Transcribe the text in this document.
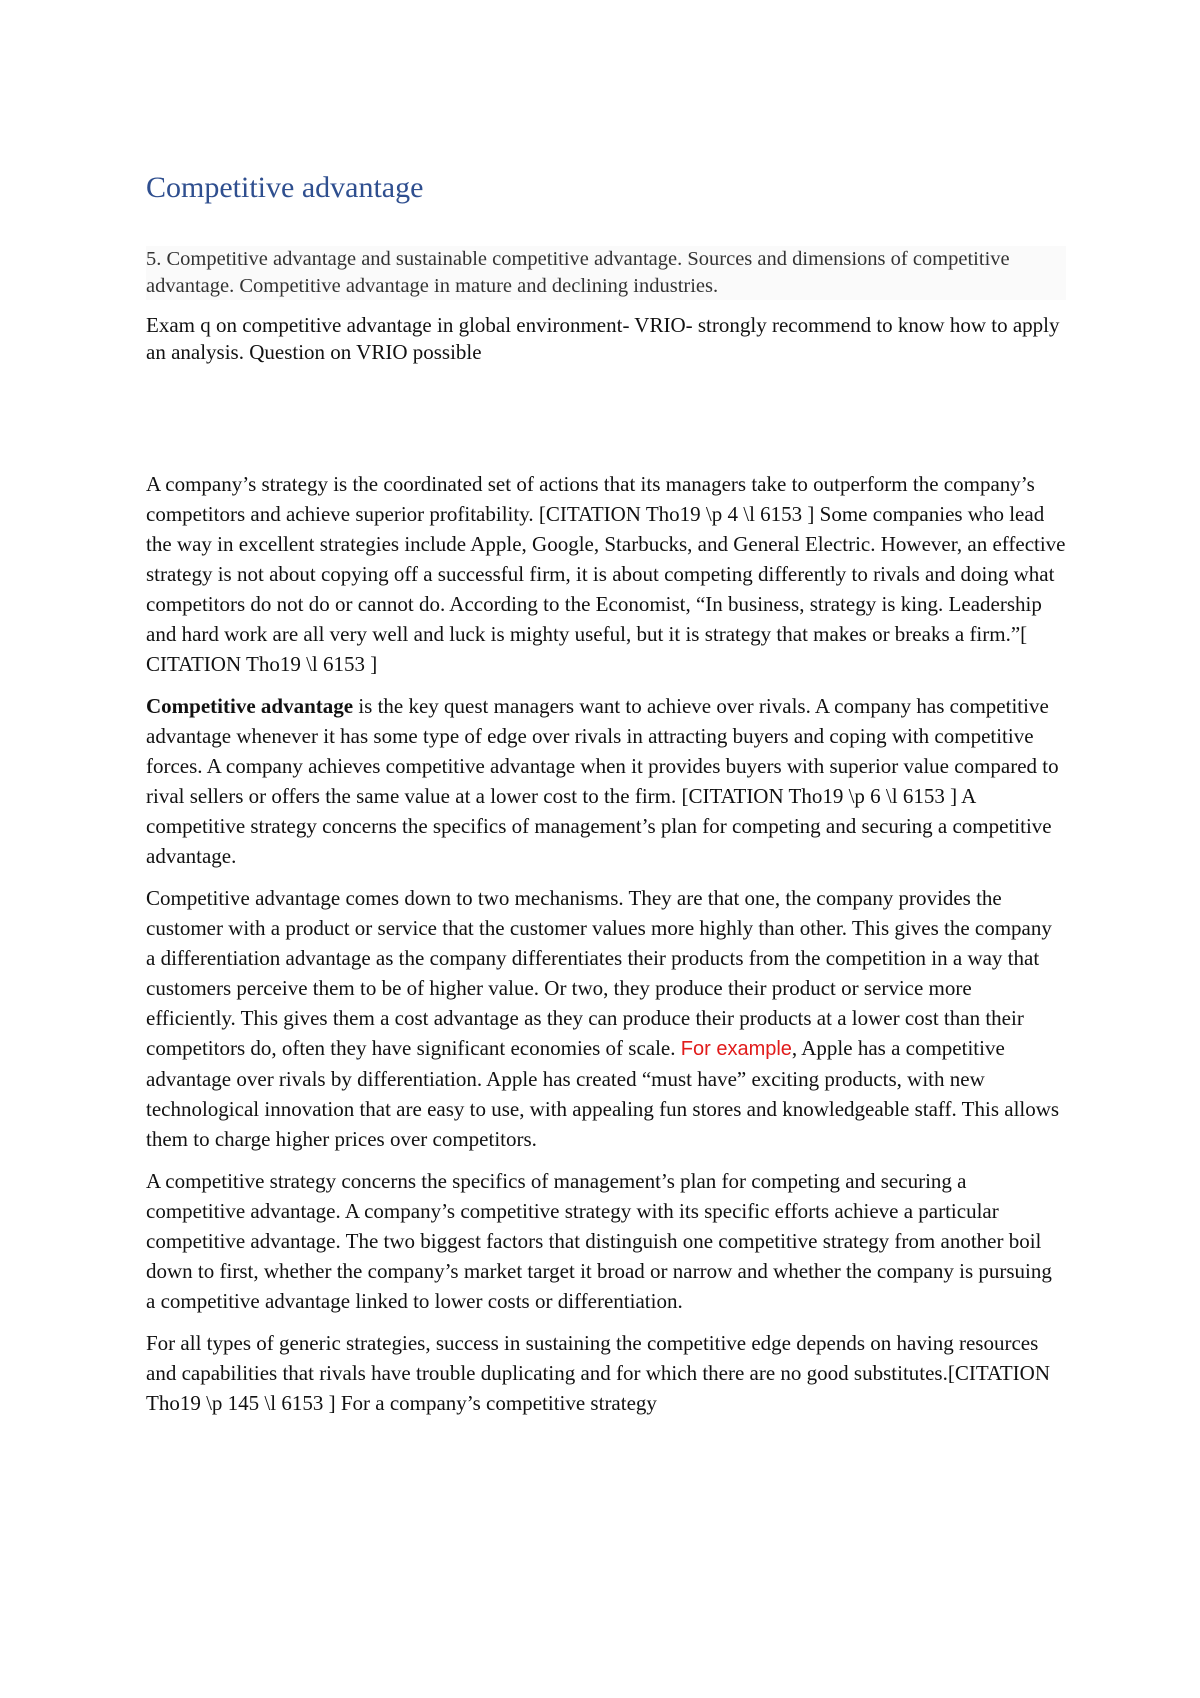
Competitive advantage

5. Competitive advantage and sustainable competitive advantage. Sources and dimensions of competitive advantage. Competitive advantage in mature and declining industries.

Exam q on competitive advantage in global environment- VRIO- strongly recommend to know how to apply an analysis. Question on VRIO possible

A company’s strategy is the coordinated set of actions that its managers take to outperform the company’s competitors and achieve superior profitability. [CITATION Tho19 \p 4 \l 6153 ] Some companies who lead the way in excellent strategies include Apple, Google, Starbucks, and General Electric. However, an effective strategy is not about copying off a successful firm, it is about competing differently to rivals and doing what competitors do not do or cannot do. According to the Economist, “In business, strategy is king. Leadership and hard work are all very well and luck is mighty useful, but it is strategy that makes or breaks a firm.”[ CITATION Tho19 \l 6153 ]

Competitive advantage is the key quest managers want to achieve over rivals. A company has competitive advantage whenever it has some type of edge over rivals in attracting buyers and coping with competitive forces. A company achieves competitive advantage when it provides buyers with superior value compared to rival sellers or offers the same value at a lower cost to the firm. [CITATION Tho19 \p 6 \l 6153 ] A competitive strategy concerns the specifics of management’s plan for competing and securing a competitive advantage.

Competitive advantage comes down to two mechanisms. They are that one, the company provides the customer with a product or service that the customer values more highly than other. This gives the company a differentiation advantage as the company differentiates their products from the competition in a way that customers perceive them to be of higher value. Or two, they produce their product or service more efficiently. This gives them a cost advantage as they can produce their products at a lower cost than their competitors do, often they have significant economies of scale. For example, Apple has a competitive advantage over rivals by differentiation. Apple has created “must have” exciting products, with new technological innovation that are easy to use, with appealing fun stores and knowledgeable staff. This allows them to charge higher prices over competitors.

A competitive strategy concerns the specifics of management’s plan for competing and securing a competitive advantage. A company’s competitive strategy with its specific efforts achieve a particular competitive advantage. The two biggest factors that distinguish one competitive strategy from another boil down to first, whether the company’s market target it broad or narrow and whether the company is pursuing a competitive advantage linked to lower costs or differentiation.

For all types of generic strategies, success in sustaining the competitive edge depends on having resources and capabilities that rivals have trouble duplicating and for which there are no good substitutes.[CITATION Tho19 \p 145 \l 6153 ] For a company’s competitive strategy
